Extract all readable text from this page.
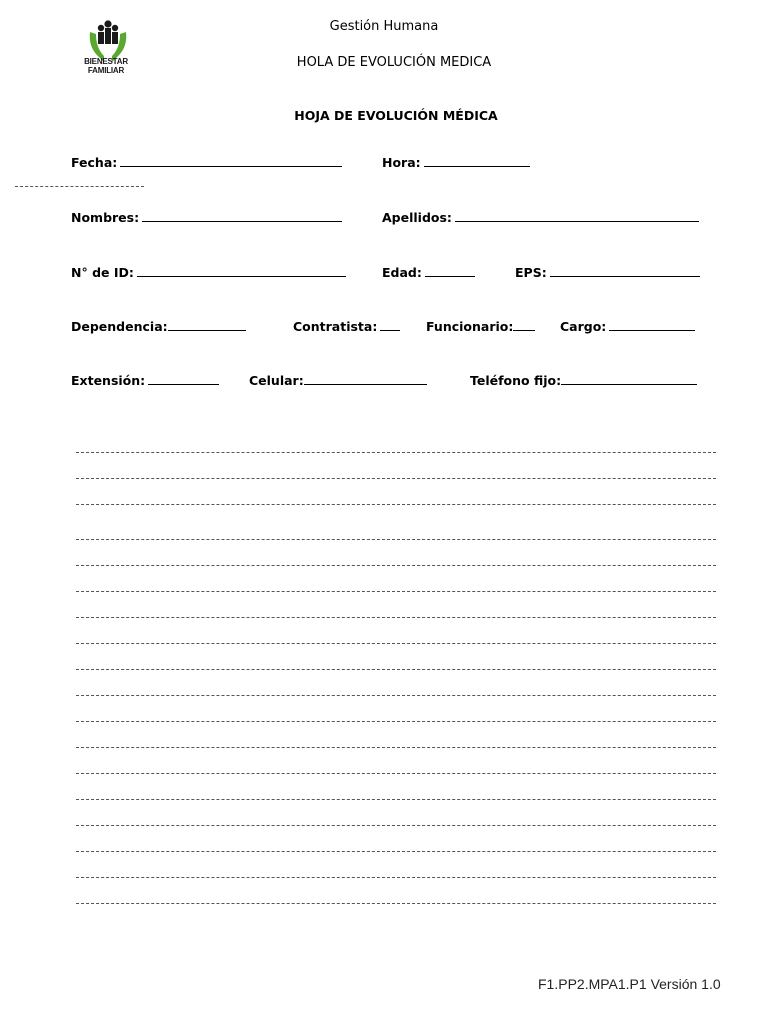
BIENESTAR
FAMILIAR
Gestión Humana
HOLA DE EVOLUCIÓN MEDICA
HOJA DE EVOLUCIÓN MÉDICA
Fecha:	Hora:
Nombres:	Apellidos:
N° de ID:	Edad:	EPS:
Dependencia:	Contratista:	Funcionario:	Cargo:
Extensión:	Celular:	Teléfono fijo:
F1.PP2.MPA1.P1 Versión 1.0
